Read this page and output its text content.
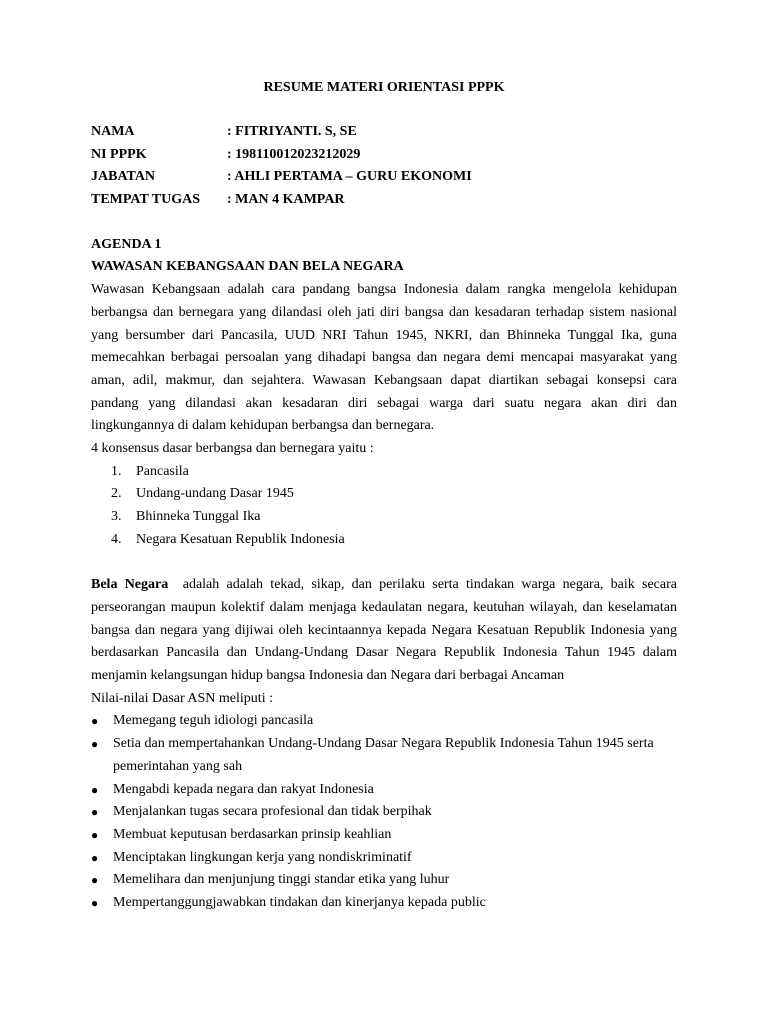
RESUME MATERI ORIENTASI PPPK
NAMA	: FITRIYANTI. S, SE
NI PPPK	: 198110012023212029
JABATAN	: AHLI PERTAMA – GURU EKONOMI
TEMPAT TUGAS	: MAN 4 KAMPAR
AGENDA 1
WAWASAN KEBANGSAAN DAN BELA NEGARA

Wawasan Kebangsaan adalah cara pandang bangsa Indonesia dalam rangka mengelola kehidupan berbangsa dan bernegara yang dilandasi oleh jati diri bangsa dan kesadaran terhadap sistem nasional yang bersumber dari Pancasila, UUD NRI Tahun 1945, NKRI, dan Bhinneka Tunggal Ika, guna memecahkan berbagai persoalan yang dihadapi bangsa dan negara demi mencapai masyarakat yang aman, adil, makmur, dan sejahtera. Wawasan Kebangsaan dapat diartikan sebagai konsepsi cara pandang yang dilandasi akan kesadaran diri sebagai warga dari suatu negara akan diri dan lingkungannya di dalam kehidupan berbangsa dan bernegara.

4 konsensus dasar berbangsa dan bernegara yaitu :
1.	Pancasila
2.	Undang-undang Dasar 1945
3.	Bhinneka Tunggal Ika
4.	Negara Kesatuan Republik Indonesia

Bela Negara  adalah adalah tekad, sikap, dan perilaku serta tindakan warga negara, baik secara perseorangan maupun kolektif dalam menjaga kedaulatan negara, keutuhan wilayah, dan keselamatan bangsa dan negara yang dijiwai oleh kecintaannya kepada Negara Kesatuan Republik Indonesia yang berdasarkan Pancasila dan Undang-Undang Dasar Negara Republik Indonesia Tahun 1945 dalam menjamin kelangsungan hidup bangsa Indonesia dan Negara dari berbagai Ancaman

Nilai-nilai Dasar ASN meliputi :
●	Memegang teguh idiologi pancasila
●	Setia dan mempertahankan Undang-Undang Dasar Negara Republik Indonesia Tahun 1945 serta pemerintahan yang sah
●	Mengabdi kepada negara dan rakyat Indonesia
●	Menjalankan tugas secara profesional dan tidak berpihak
●	Membuat keputusan berdasarkan prinsip keahlian
●	Menciptakan lingkungan kerja yang nondiskriminatif
●	Memelihara dan menjunjung tinggi standar etika yang luhur
●	Mempertanggungjawabkan tindakan dan kinerjanya kepada public
